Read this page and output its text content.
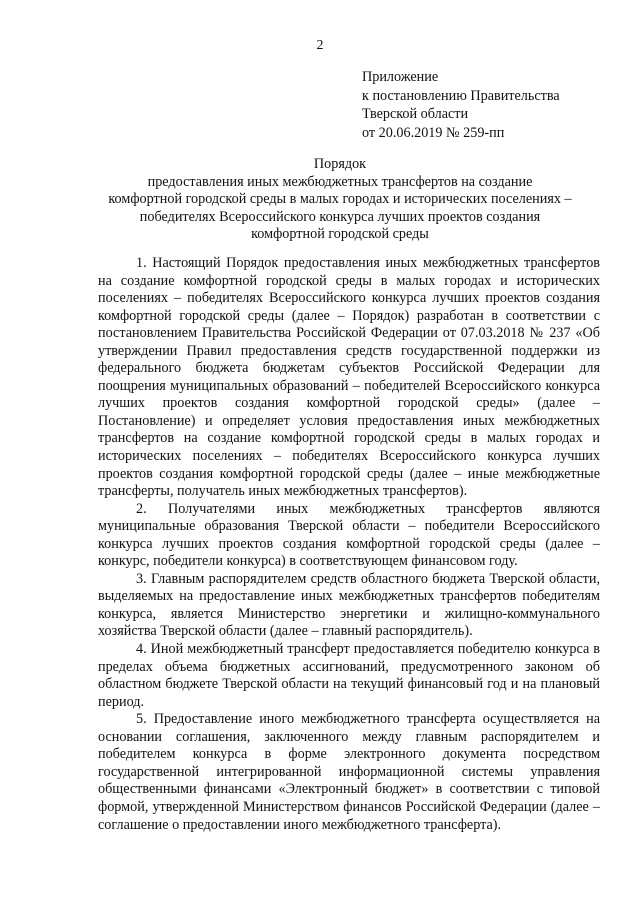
2
Приложение
к постановлению Правительства
Тверской области
от 20.06.2019 № 259-пп
Порядок
предоставления иных межбюджетных трансфертов на создание
комфортной городской среды в малых городах и исторических поселениях –
победителях Всероссийского конкурса лучших проектов создания
комфортной городской среды

1. Настоящий Порядок предоставления иных межбюджетных трансфертов на создание комфортной городской среды в малых городах и исторических поселениях – победителях Всероссийского конкурса лучших проектов создания комфортной городской среды (далее – Порядок) разработан в соответствии с постановлением Правительства Российской Федерации от 07.03.2018 № 237 «Об утверждении Правил предоставления средств государственной поддержки из федерального бюджета бюджетам субъектов Российской Федерации для поощрения муниципальных образований – победителей Всероссийского конкурса лучших проектов создания комфортной городской среды» (далее – Постановление) и определяет условия предоставления иных межбюджетных трансфертов на создание комфортной городской среды в малых городах и исторических поселениях – победителях Всероссийского конкурса лучших проектов создания комфортной городской среды (далее – иные межбюджетные трансферты, получатель иных межбюджетных трансфертов).

2. Получателями иных межбюджетных трансфертов являются муниципальные образования Тверской области – победители Всероссийского конкурса лучших проектов создания комфортной городской среды (далее – конкурс, победители конкурса) в соответствующем финансовом году.

3. Главным распорядителем средств областного бюджета Тверской области, выделяемых на предоставление иных межбюджетных трансфертов победителям конкурса, является Министерство энергетики и жилищно-коммунального хозяйства Тверской области (далее – главный распорядитель).

4. Иной межбюджетный трансферт предоставляется победителю конкурса в пределах объема бюджетных ассигнований, предусмотренного законом об областном бюджете Тверской области на текущий финансовый год и на плановый период.

5. Предоставление иного межбюджетного трансферта осуществляется на основании соглашения, заключенного между главным распорядителем и победителем конкурса в форме электронного документа посредством государственной интегрированной информационной системы управления общественными финансами «Электронный бюджет» в соответствии с типовой формой, утвержденной Министерством финансов Российской Федерации (далее – соглашение о предоставлении иного межбюджетного трансферта).
